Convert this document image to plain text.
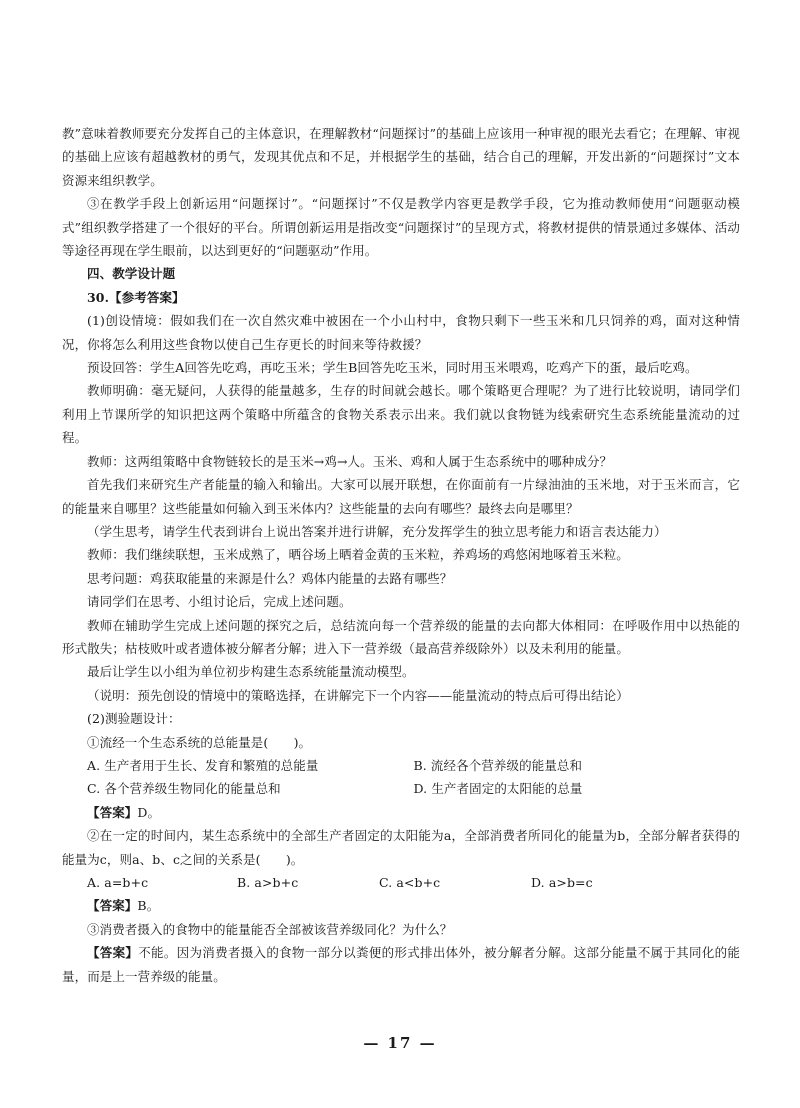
教”意味着教师要充分发挥自己的主体意识，在理解教材“问题探讨”的基础上应该用一种审视的眼光去看它；在理解、审视的基础上应该有超越教材的勇气，发现其优点和不足，并根据学生的基础，结合自己的理解，开发出新的“问题探讨”文本资源来组织教学。

③在教学手段上创新运用“问题探讨”。“问题探讨”不仅是教学内容更是教学手段，它为推动教师使用“问题驱动模式”组织教学搭建了一个很好的平台。所谓创新运用是指改变“问题探讨”的呈现方式，将教材提供的情景通过多媒体、活动等途径再现在学生眼前，以达到更好的“问题驱动”作用。

四、教学设计题

30.【参考答案】

(1)创设情境：假如我们在一次自然灾难中被困在一个小山村中，食物只剩下一些玉米和几只饲养的鸡，面对这种情况，你将怎么利用这些食物以使自己生存更长的时间来等待救援？

预设回答：学生A回答先吃鸡，再吃玉米；学生B回答先吃玉米，同时用玉米喂鸡，吃鸡产下的蛋，最后吃鸡。

教师明确：毫无疑问，人获得的能量越多，生存的时间就会越长。哪个策略更合理呢？为了进行比较说明，请同学们利用上节课所学的知识把这两个策略中所蕴含的食物关系表示出来。我们就以食物链为线索研究生态系统能量流动的过程。

教师：这两组策略中食物链较长的是玉米→鸡→人。玉米、鸡和人属于生态系统中的哪种成分？

首先我们来研究生产者能量的输入和输出。大家可以展开联想，在你面前有一片绿油油的玉米地，对于玉米而言，它的能量来自哪里？这些能量如何输入到玉米体内？这些能量的去向有哪些？最终去向是哪里？

（学生思考，请学生代表到讲台上说出答案并进行讲解，充分发挥学生的独立思考能力和语言表达能力）

教师：我们继续联想，玉米成熟了，晒谷场上晒着金黄的玉米粒，养鸡场的鸡悠闲地啄着玉米粒。

思考问题：鸡获取能量的来源是什么？鸡体内能量的去路有哪些？

请同学们在思考、小组讨论后，完成上述问题。

教师在辅助学生完成上述问题的探究之后，总结流向每一个营养级的能量的去向都大体相同：在呼吸作用中以热能的形式散失；枯枝败叶或者遗体被分解者分解；进入下一营养级（最高营养级除外）以及未利用的能量。

最后让学生以小组为单位初步构建生态系统能量流动模型。

（说明：预先创设的情境中的策略选择，在讲解完下一个内容——能量流动的特点后可得出结论）

(2)测验题设计：

①流经一个生态系统的总能量是(　　)。

A. 生产者用于生长、发育和繁殖的总能量	B. 流经各个营养级的能量总和
C. 各个营养级生物同化的能量总和	D. 生产者固定的太阳能的总量

【答案】D。

②在一定的时间内，某生态系统中的全部生产者固定的太阳能为a，全部消费者所同化的能量为b，全部分解者获得的能量为c，则a、b、c之间的关系是(　　)。

A. a=b+c	B. a>b+c	C. a<b+c	D. a>b=c

【答案】B。

③消费者摄入的食物中的能量能否全部被该营养级同化？为什么？

【答案】不能。因为消费者摄入的食物一部分以粪便的形式排出体外，被分解者分解。这部分能量不属于其同化的能量，而是上一营养级的能量。

— 17 —
